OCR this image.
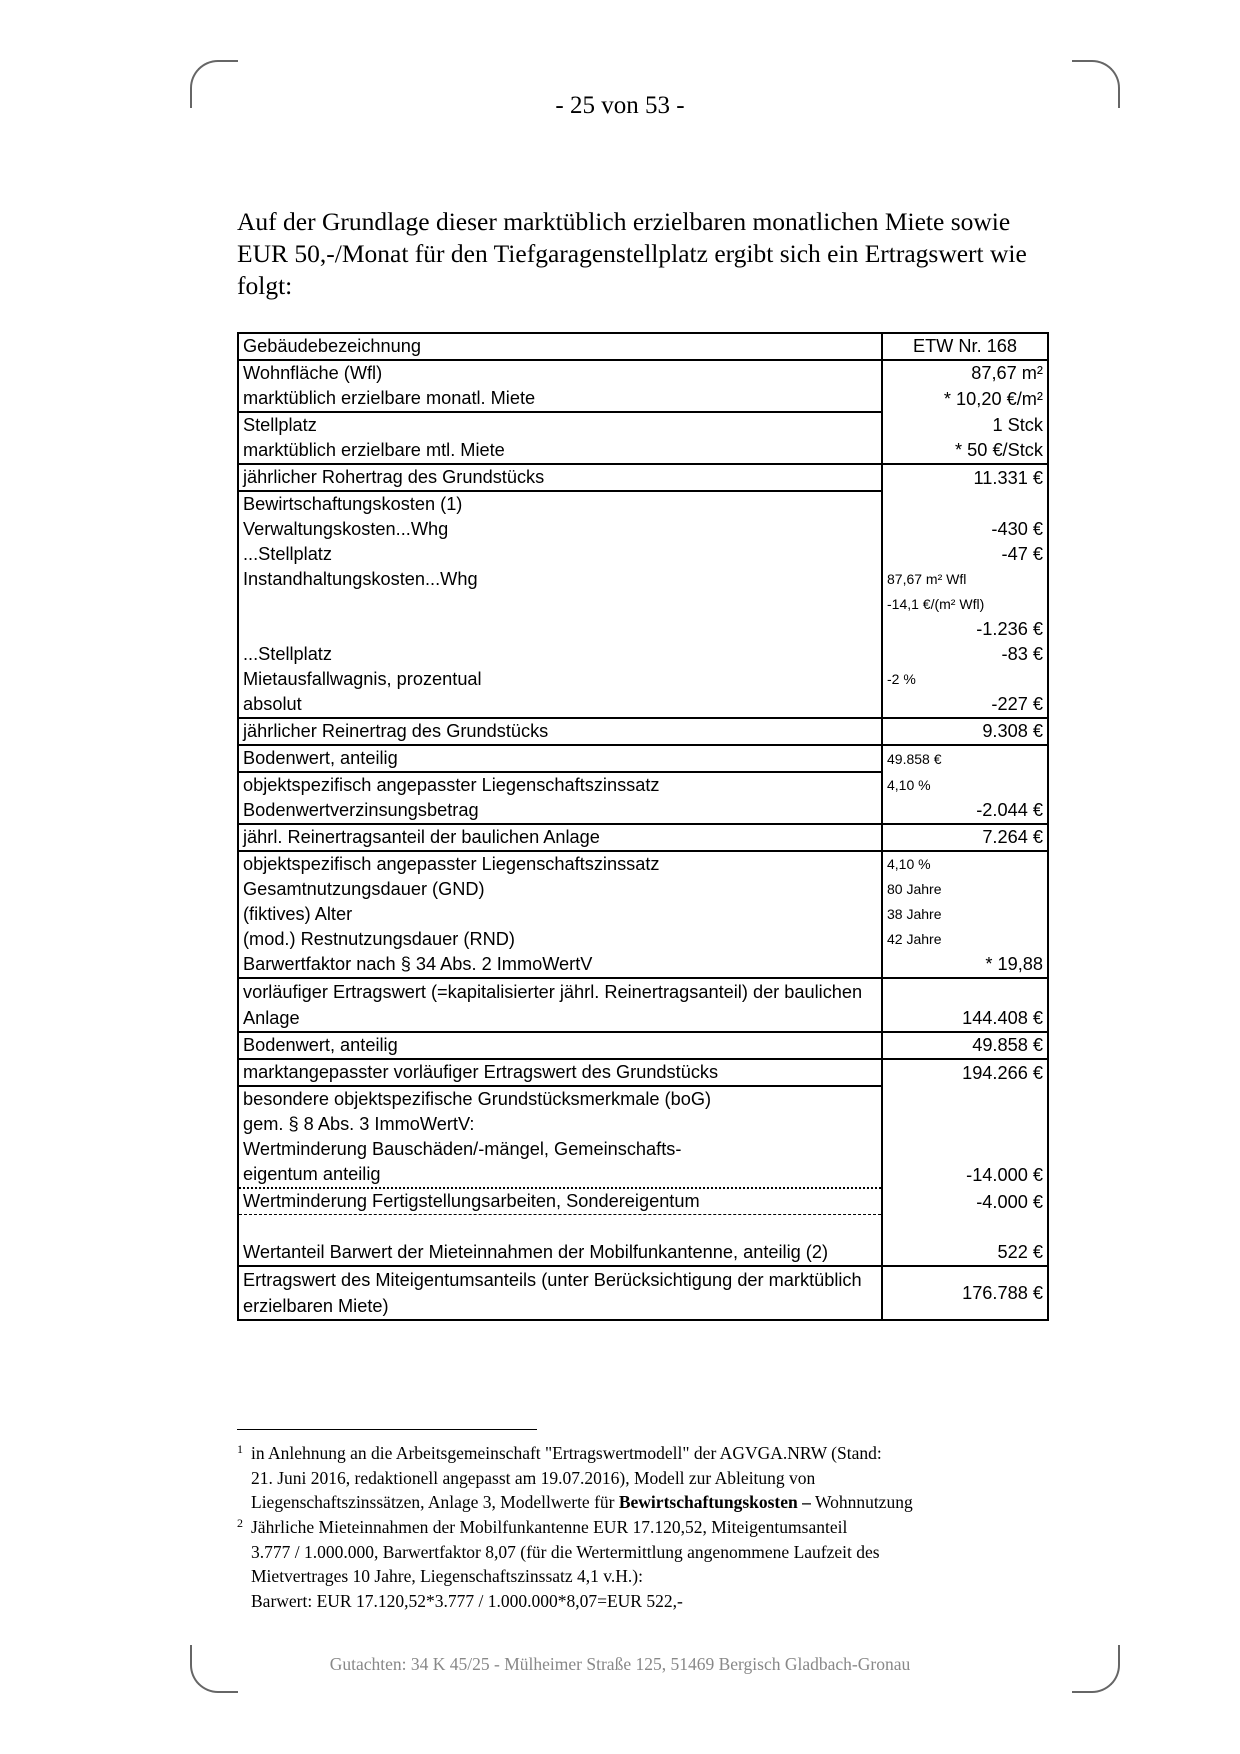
- 25 von 53 -

Auf der Grundlage dieser marktüblich erzielbaren monatlichen Miete sowie EUR 50,-/Monat für den Tiefgaragenstellplatz ergibt sich ein Ertragswert wie folgt:

Gebäudebezeichnung	ETW Nr. 168
Wohnfläche (Wfl)	87,67 m²
marktüblich erzielbare monatl. Miete	* 10,20 €/m²
Stellplatz	1 Stck
marktüblich erzielbare mtl. Miete	* 50 €/Stck
jährlicher Rohertrag des Grundstücks	11.331 €
Bewirtschaftungskosten (1)	
Verwaltungskosten...Whg	-430 €
...Stellplatz	-47 €
Instandhaltungskosten...Whg	87,67 m² Wfl
	-14,1 €/(m² Wfl)
	-1.236 €
...Stellplatz	-83 €
Mietausfallwagnis, prozentual	-2 %
absolut	-227 €
jährlicher Reinertrag des Grundstücks	9.308 €
Bodenwert, anteilig	49.858 €
objektspezifisch angepasster Liegenschaftszinssatz	4,10 %
Bodenwertverzinsungsbetrag	-2.044 €
jährl. Reinertragsanteil der baulichen Anlage	7.264 €
objektspezifisch angepasster Liegenschaftszinssatz	4,10 %
Gesamtnutzungsdauer (GND)	80 Jahre
(fiktives) Alter	38 Jahre
(mod.) Restnutzungsdauer (RND)	42 Jahre
Barwertfaktor nach § 34 Abs. 2 ImmoWertV	* 19,88
vorläufiger Ertragswert (=kapitalisierter jährl. Reinertragsanteil) der baulichen Anlage	144.408 €
Bodenwert, anteilig	49.858 €
marktangepasster vorläufiger Ertragswert des Grundstücks	194.266 €
besondere objektspezifische Grundstücksmerkmale (boG)	
gem. § 8 Abs. 3 ImmoWertV:	
Wertminderung Bauschäden/-mängel, Gemeinschafts-	
eigentum anteilig	-14.000 €
Wertminderung Fertigstellungsarbeiten, Sondereigentum	-4.000 €
Wertanteil Barwert der Mieteinnahmen der Mobilfunkantenne, anteilig (2)	522 €
Ertragswert des Miteigentumsanteils (unter Berücksichtigung der marktüblich erzielbaren Miete)	176.788 €
1 in Anlehnung an die Arbeitsgemeinschaft "Ertragswertmodell" der AGVGA.NRW (Stand:
21. Juni 2016, redaktionell angepasst am 19.07.2016), Modell zur Ableitung von
Liegenschaftszinssätzen, Anlage 3, Modellwerte für Bewirtschaftungskosten – Wohnnutzung
2 Jährliche Mieteinnahmen der Mobilfunkantenne EUR 17.120,52, Miteigentumsanteil
3.777 / 1.000.000, Barwertfaktor 8,07 (für die Wertermittlung angenommene Laufzeit des
Mietvertrages 10 Jahre, Liegenschaftszinssatz 4,1 v.H.):
Barwert: EUR 17.120,52*3.777 / 1.000.000*8,07=EUR 522,-
Gutachten: 34 K 45/25 - Mülheimer Straße 125, 51469 Bergisch Gladbach-Gronau
